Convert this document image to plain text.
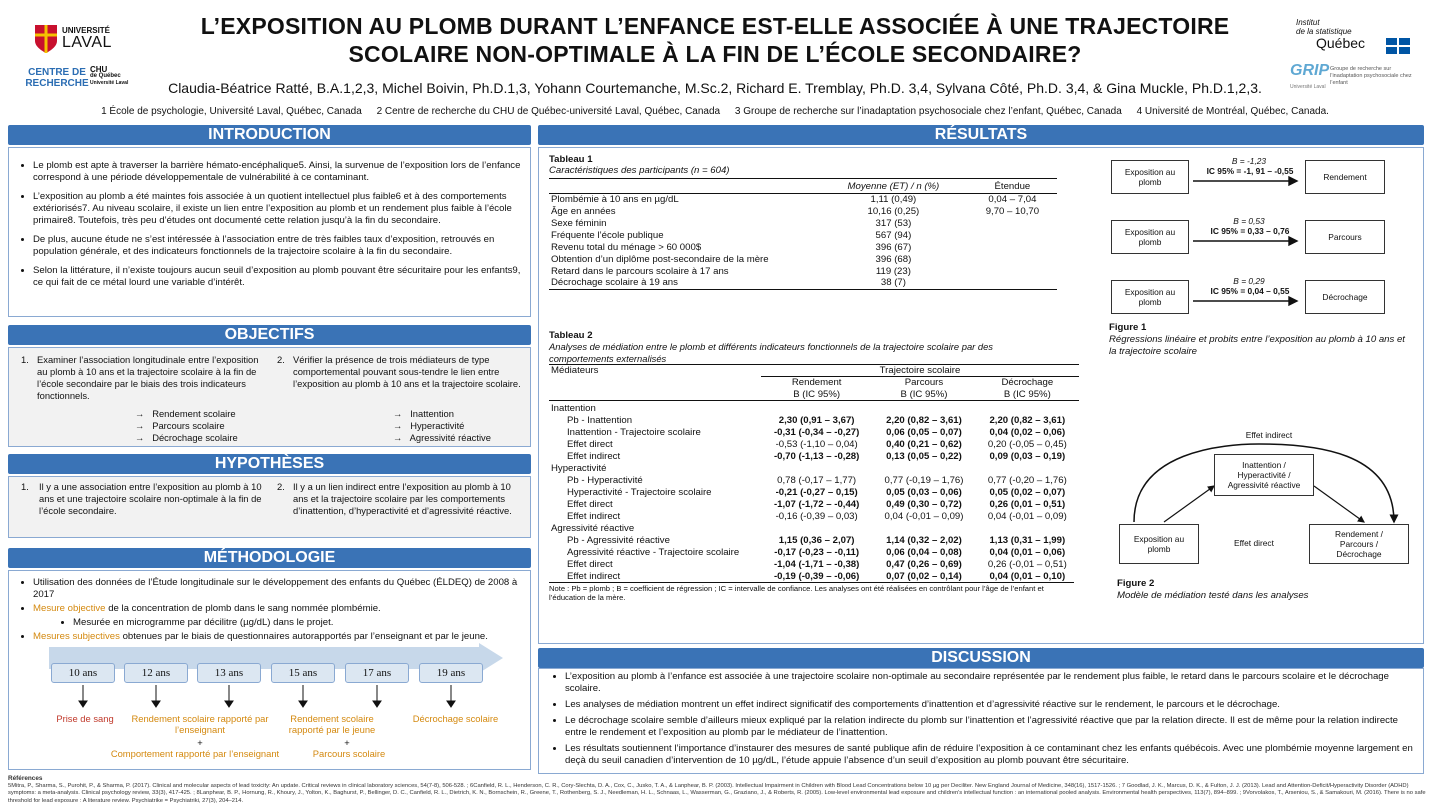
UNIVERSITÉ
LAVAL
CENTRE DE
RECHERCHE
CHU
de Québec
Université Laval
L’EXPOSITION AU PLOMB DURANT L’ENFANCE EST-ELLE ASSOCIÉE À UNE TRAJECTOIRE SCOLAIRE NON-OPTIMALE À LA FIN DE L’ÉCOLE SECONDAIRE?
Claudia-Béatrice Ratté, B.A.1,2,3, Michel Boivin, Ph.D.1,3, Yohann Courtemanche, M.Sc.2, Richard E. Tremblay, Ph.D. 3,4, Sylvana Côté, Ph.D. 3,4, & Gina Muckle, Ph.D.1,2,3.
1 École de psychologie, Université Laval, Québec, Canada 2 Centre de recherche du CHU de Québec-université Laval, Québec, Canada 3 Groupe de recherche sur l’inadaptation psychosociale chez l’enfant, Québec, Canada 4 Université de Montréal, Québec, Canada.
Institut
de la statistique
Québec
GRIP Groupe de recherche sur l’inadaptation psychosociale chez l’enfant
Université Laval
INTRODUCTION
• Le plomb est apte à traverser la barrière hémato-encéphalique5. Ainsi, la survenue de l’exposition lors de l’enfance correspond à une période développementale de vulnérabilité à ce contaminant.
• L’exposition au plomb a été maintes fois associée à un quotient intellectuel plus faible6 et à des comportements extériorisés7. Au niveau scolaire, il existe un lien entre l’exposition au plomb et un rendement plus faible à l’école primaire8. Toutefois, très peu d’études ont documenté cette relation jusqu’à la fin du secondaire.
• De plus, aucune étude ne s’est intéressée à l’association entre de très faibles taux d’exposition, retrouvés en population générale, et des indicateurs fonctionnels de la trajectoire scolaire à la fin du secondaire.
• Selon la littérature, il n’existe toujours aucun seuil d’exposition au plomb pouvant être sécuritaire pour les enfants9, ce qui fait de ce métal lourd une variable d’intérêt.
OBJECTIFS
1. Examiner l’association longitudinale entre l’exposition au plomb à 10 ans et la trajectoire scolaire à la fin de l’école secondaire par le biais des trois indicateurs fonctionnels.
→ Rendement scolaire
→ Parcours scolaire
→ Décrochage scolaire
2. Vérifier la présence de trois médiateurs de type comportemental pouvant sous-tendre le lien entre l’exposition au plomb à 10 ans et la trajectoire scolaire.
→ Inattention
→ Hyperactivité
→ Agressivité réactive
HYPOTHÈSES
1. Il y a une association entre l’exposition au plomb à 10 ans et une trajectoire scolaire non-optimale à la fin de l’école secondaire.
2. Il y a un lien indirect entre l’exposition au plomb à 10 ans et la trajectoire scolaire par les comportements d’inattention, d’hyperactivité et d’agressivité réactive.
MÉTHODOLOGIE
• Utilisation des données de l’Étude longitudinale sur le développement des enfants du Québec (ÉLDEQ) de 2008 à 2017
• Mesure objective de la concentration de plomb dans le sang nommée plombémie.
• Mesurée en microgramme par décilitre (µg/dL) dans le projet.
• Mesures subjectives obtenues par le biais de questionnaires autorapportés par l’enseignant et par le jeune.
10 ans	12 ans	13 ans	15 ans	17 ans	19 ans
Prise de sang	Rendement scolaire rapporté par l’enseignant
+
Comportement rapporté par l’enseignant
Rendement scolaire rapporté par le jeune
+
Parcours scolaire
Décrochage scolaire
RÉSULTATS
Tableau 1
Caractéristiques des participants (n = 604)
	Moyenne (ET) / n (%)	Étendue
Plombémie à 10 ans en µg/dL	1,11 (0,49)	0,04 – 7,04
Âge en années	10,16 (0,25)	9,70 – 10,70
Sexe féminin	317 (53)	
Fréquente l’école publique	567 (94)	
Revenu total du ménage > 60 000$	396 (67)	
Obtention d’un diplôme post-secondaire de la mère	396 (68)	
Retard dans le parcours scolaire à 17 ans	119 (23)	
Décrochage scolaire à 19 ans	38 (7)	
Tableau 2
Analyses de médiation entre le plomb et différents indicateurs fonctionnels de la trajectoire scolaire par des comportements externalisés
Médiateurs	Trajectoire scolaire		
	Rendement	Parcours	Décrochage
	B (IC 95%)	B (IC 95%)	B (IC 95%)
Inattention			
Pb - Inattention	2,30 (0,91 – 3,67)	2,20 (0,82 – 3,61)	2,20 (0,82 – 3,61)
Inattention - Trajectoire scolaire	-0,31 (-0,34 – -0,27)	0,06 (0,05 – 0,07)	0,04 (0,02 – 0,06)
Effet direct	-0,53 (-1,10 – 0,04)	0,40 (0,21 – 0,62)	0,20 (-0,05 – 0,45)
Effet indirect	-0,70 (-1,13 – -0,28)	0,13 (0,05 – 0,22)	0,09 (0,03 – 0,19)
Hyperactivité			
Pb - Hyperactivité	0,78 (-0,17 – 1,77)	0,77 (-0,19 – 1,76)	0,77 (-0,20 – 1,76)
Hyperactivité - Trajectoire scolaire	-0,21 (-0,27 – 0,15)	0,05 (0,03 – 0,06)	0,05 (0,02 – 0,07)
Effet direct	-1,07 (-1,72 – -0,44)	0,49 (0,30 – 0,72)	0,26 (0,01 – 0,51)
Effet indirect	-0,16 (-0,39 – 0,03)	0,04 (-0,01 – 0,09)	0,04 (-0,01 – 0,09)
Agressivité réactive			
Pb - Agressivité réactive	1,15 (0,36 – 2,07)	1,14 (0,32 – 2,02)	1,13 (0,31 – 1,99)
Agressivité réactive - Trajectoire scolaire	-0,17 (-0,23 – -0,11)	0,06 (0,04 – 0,08)	0,04 (0,01 – 0,06)
Effet direct	-1,04 (-1,71 – -0,38)	0,47 (0,26 – 0,69)	0,26 (-0,01 – 0,51)
Effet indirect	-0,19 (-0,39 – -0,06)	0,07 (0,02 – 0,14)	0,04 (0,01 – 0,10)
Note : Pb = plomb ; B = coefficient de régression ; IC = intervalle de confiance. Les analyses ont été réalisées en contrôlant pour l’âge de l’enfant et l’éducation de la mère.
Exposition au plomb
B = -1,23
IC 95% = -1, 91 – -0,55
Rendement
Exposition au plomb
B = 0,53
IC 95% = 0,33 – 0,76
Parcours
Exposition au plomb
B = 0,29
IC 95% = 0,04 – 0,55
Décrochage
Figure 1
Régressions linéaire et probits entre l’exposition au plomb à 10 ans et la trajectoire scolaire
Effet indirect
Inattention / Hyperactivité / Agressivité réactive
Exposition au plomb
Effet direct
Rendement / Parcours / Décrochage
Figure 2
Modèle de médiation testé dans les analyses
DISCUSSION
• L’exposition au plomb à l’enfance est associée à une trajectoire scolaire non-optimale au secondaire représentée par le rendement plus faible, le retard dans le parcours scolaire et le décrochage scolaire.
• Les analyses de médiation montrent un effet indirect significatif des comportements d’inattention et d’agressivité réactive sur le rendement, le parcours et le décrochage.
• Le décrochage scolaire semble d’ailleurs mieux expliqué par la relation indirecte du plomb sur l’inattention et l’agressivité réactive que par la relation directe. Il est de même pour la relation indirecte entre le rendement et l’exposition au plomb par le médiateur de l’inattention.
• Les résultats soutiennent l’importance d’instaurer des mesures de santé publique afin de réduire l’exposition à ce contaminant chez les enfants québécois. Avec une plombémie moyenne largement en deçà du seuil canadien d’intervention de 10 µg/dL, l’étude appuie l’absence d’un seuil d’exposition au plomb pouvant être sécuritaire.
Références
5Mitra, P., Sharma, S., Purohit, P., & Sharma, P. (2017). Clinical and molecular aspects of lead toxicity: An update. Critical reviews in clinical laboratory sciences, 54(7-8), 506-528. ; 6Canfield, R. L., Henderson, C. R., Cory-Slechta, D. A., Cox, C., Jusko, T. A., & Lanphear, B. P. (2003). Intellectual Impairment in Children with Blood Lead Concentrations below 10 µg per Deciliter. New England Journal of Medicine, 348(16), 1517-1526. ; 7 Goodlad, J. K., Marcus, D. K., & Fulton, J. J. (2013). Lead and Attention-Deficit/Hyperactivity Disorder (ADHD) symptoms: a meta-analysis. Clinical psychology review, 33(3), 417-425. ; 8Lanphear, B. P., Hornung, R., Khoury, J., Yolton, K., Baghurst, P., Bellinger, D. C., Canfield, R. L., Dietrich, K. N., Bornschein, R., Greene, T., Rothenberg, S. J., Needleman, H. L., Schnaas, L., Wasserman, G., Graziano, J., & Roberts, R. (2005). Low-level environmental lead exposure and children's intellectual function : an international pooled analysis. Environmental health perspectives, 113(7), 894–899. ; 9Vorvolakos, T., Arseniou, S., & Samakouri, M. (2016). There is no safe threshold for lead exposure : A literature review. Psychiatrike = Psychiatriki, 27(3), 204–214.
